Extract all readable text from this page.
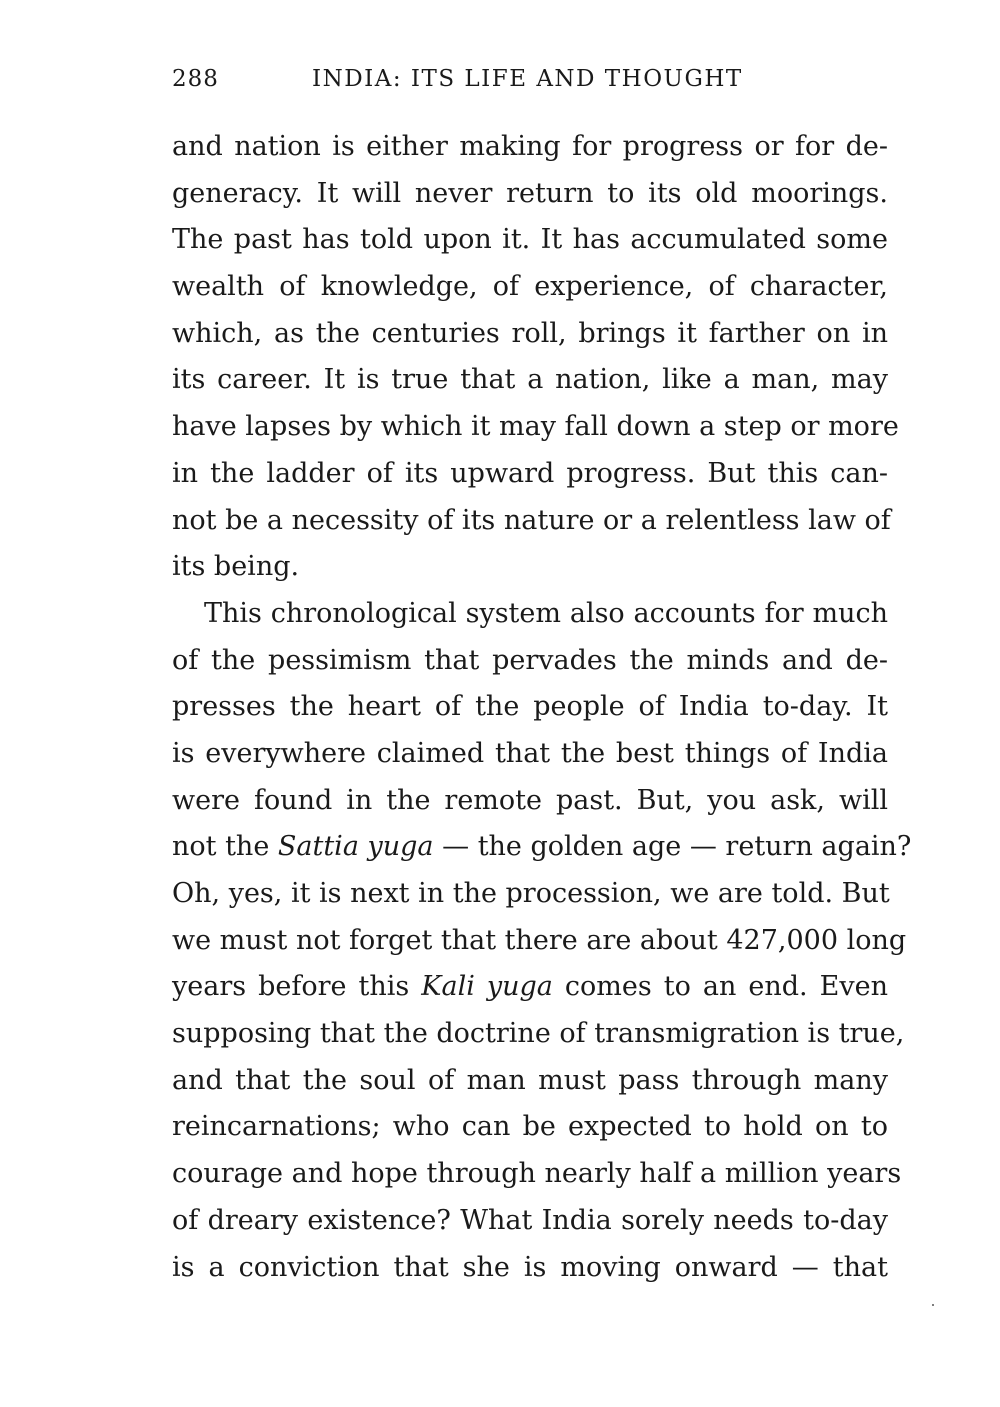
288	INDIA: ITS LIFE AND THOUGHT
and nation is either making for progress or for de-
generacy. It will never return to its old moorings.
The past has told upon it. It has accumulated some
wealth of knowledge, of experience, of character,
which, as the centuries roll, brings it farther on in
its career. It is true that a nation, like a man, may
have lapses by which it may fall down a step or more
in the ladder of its upward progress. But this can-
not be a necessity of its nature or a relentless law of
its being.
This chronological system also accounts for much
of the pessimism that pervades the minds and de-
presses the heart of the people of India to-day. It
is everywhere claimed that the best things of India
were found in the remote past. But, you ask, will
not the Sattia yuga — the golden age — return again?
Oh, yes, it is next in the procession, we are told. But
we must not forget that there are about 427,000 long
years before this Kali yuga comes to an end. Even
supposing that the doctrine of transmigration is true,
and that the soul of man must pass through many
reincarnations; who can be expected to hold on to
courage and hope through nearly half a million years
of dreary existence? What India sorely needs to-day
is a conviction that she is moving onward — that
